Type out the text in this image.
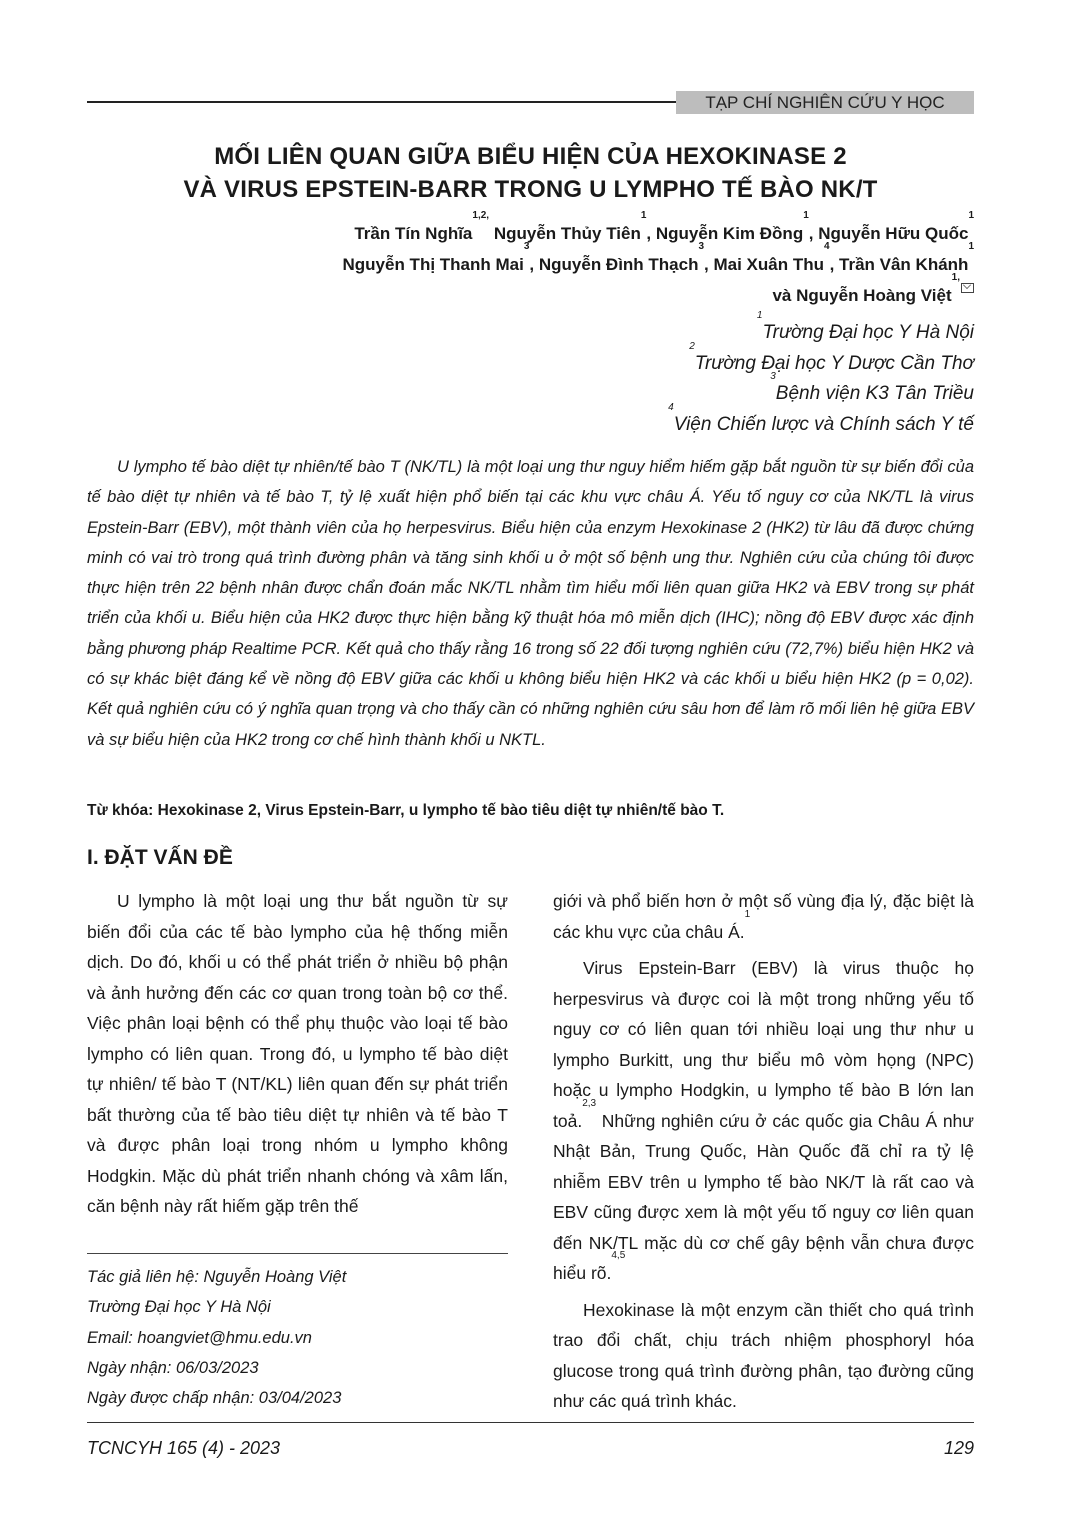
TẠP CHÍ NGHIÊN CỨU Y HỌC
MỐI LIÊN QUAN GIỮA BIỂU HIỆN CỦA HEXOKINASE 2
VÀ VIRUS EPSTEIN-BARR TRONG U LYMPHO TẾ BÀO NK/T
Trần Tín Nghĩa$^{1,2,}$ Nguyễn Thủy Tiên$^1$, Nguyễn Kim Đồng$^1$, Nguyễn Hữu Quốc$^1$
Nguyễn Thị Thanh Mai$^3$, Nguyễn Đình Thạch$^3$, Mai Xuân Thu$^4$, Trần Vân Khánh$^1$
và Nguyễn Hoàng Việt$^{1,}$
$^1$Trường Đại học Y Hà Nội
$^2$Trường Đại học Y Dược Cần Thơ
$^3$Bệnh viện K3 Tân Triều
$^4$Viện Chiến lược và Chính sách Y tế

U lympho tế bào diệt tự nhiên/tế bào T (NK/TL) là một loại ung thư nguy hiểm hiếm gặp bắt nguồn từ sự biến đổi của tế bào diệt tự nhiên và tế bào T, tỷ lệ xuất hiện phổ biến tại các khu vực châu Á. Yếu tố nguy cơ của NK/TL là virus Epstein-Barr (EBV), một thành viên của họ herpesvirus. Biểu hiện của enzym Hexokinase 2 (HK2) từ lâu đã được chứng minh có vai trò trong quá trình đường phân và tăng sinh khối u ở một số bệnh ung thư. Nghiên cứu của chúng tôi được thực hiện trên 22 bệnh nhân được chẩn đoán mắc NK/TL nhằm tìm hiểu mối liên quan giữa HK2 và EBV trong sự phát triển của khối u. Biểu hiện của HK2 được thực hiện bằng kỹ thuật hóa mô miễn dịch (IHC); nồng độ EBV được xác định bằng phương pháp Realtime PCR. Kết quả cho thấy rằng 16 trong số 22 đối tượng nghiên cứu (72,7%) biểu hiện HK2 và có sự khác biệt đáng kể về nồng độ EBV giữa các khối u không biểu hiện HK2 và các khối u biểu hiện HK2 (p = 0,02). Kết quả nghiên cứu có ý nghĩa quan trọng và cho thấy cần có những nghiên cứu sâu hơn để làm rõ mối liên hệ giữa EBV và sự biểu hiện của HK2 trong cơ chế hình thành khối u NKTL.

Từ khóa: Hexokinase 2, Virus Epstein-Barr, u lympho tế bào tiêu diệt tự nhiên/tế bào T.
I. ĐẶT VẤN ĐỀ

U lympho là một loại ung thư bắt nguồn từ sự biến đổi của các tế bào lympho của hệ thống miễn dịch. Do đó, khối u có thể phát triển ở nhiều bộ phận và ảnh hưởng đến các cơ quan trong toàn bộ cơ thể. Việc phân loại bệnh có thể phụ thuộc vào loại tế bào lympho có liên quan. Trong đó, u lympho tế bào diệt tự nhiên/ tế bào T (NT/KL) liên quan đến sự phát triển bất thường của tế bào tiêu diệt tự nhiên và tế bào T và được phân loại trong nhóm u lympho không Hodgkin. Mặc dù phát triển nhanh chóng và xâm lấn, căn bệnh này rất hiếm gặp trên thế

giới và phổ biến hơn ở một số vùng địa lý, đặc biệt là các khu vực của châu Á.$^1$

Virus Epstein-Barr (EBV) là virus thuộc họ herpesvirus và được coi là một trong những yếu tố nguy cơ có liên quan tới nhiều loại ung thư như u lympho Burkitt, ung thư biểu mô vòm họng (NPC) hoặc u lympho Hodgkin, u lympho tế bào B lớn lan toả.$^{2,3}$ Những nghiên cứu ở các quốc gia Châu Á như Nhật Bản, Trung Quốc, Hàn Quốc đã chỉ ra tỷ lệ nhiễm EBV trên u lympho tế bào NK/T là rất cao và EBV cũng được xem là một yếu tố nguy cơ liên quan đến NK/TL mặc dù cơ chế gây bệnh vẫn chưa được hiểu rõ.$^{4,5}$

Hexokinase là một enzym cần thiết cho quá trình trao đổi chất, chịu trách nhiệm phosphoryl hóa glucose trong quá trình đường phân, tạo đường cũng như các quá trình khác.

Tác giả liên hệ: Nguyễn Hoàng Việt
Trường Đại học Y Hà Nội
Email: hoangviet@hmu.edu.vn
Ngày nhận: 06/03/2023
Ngày được chấp nhận: 03/04/2023
TCNCYH 165 (4) - 2023	129
